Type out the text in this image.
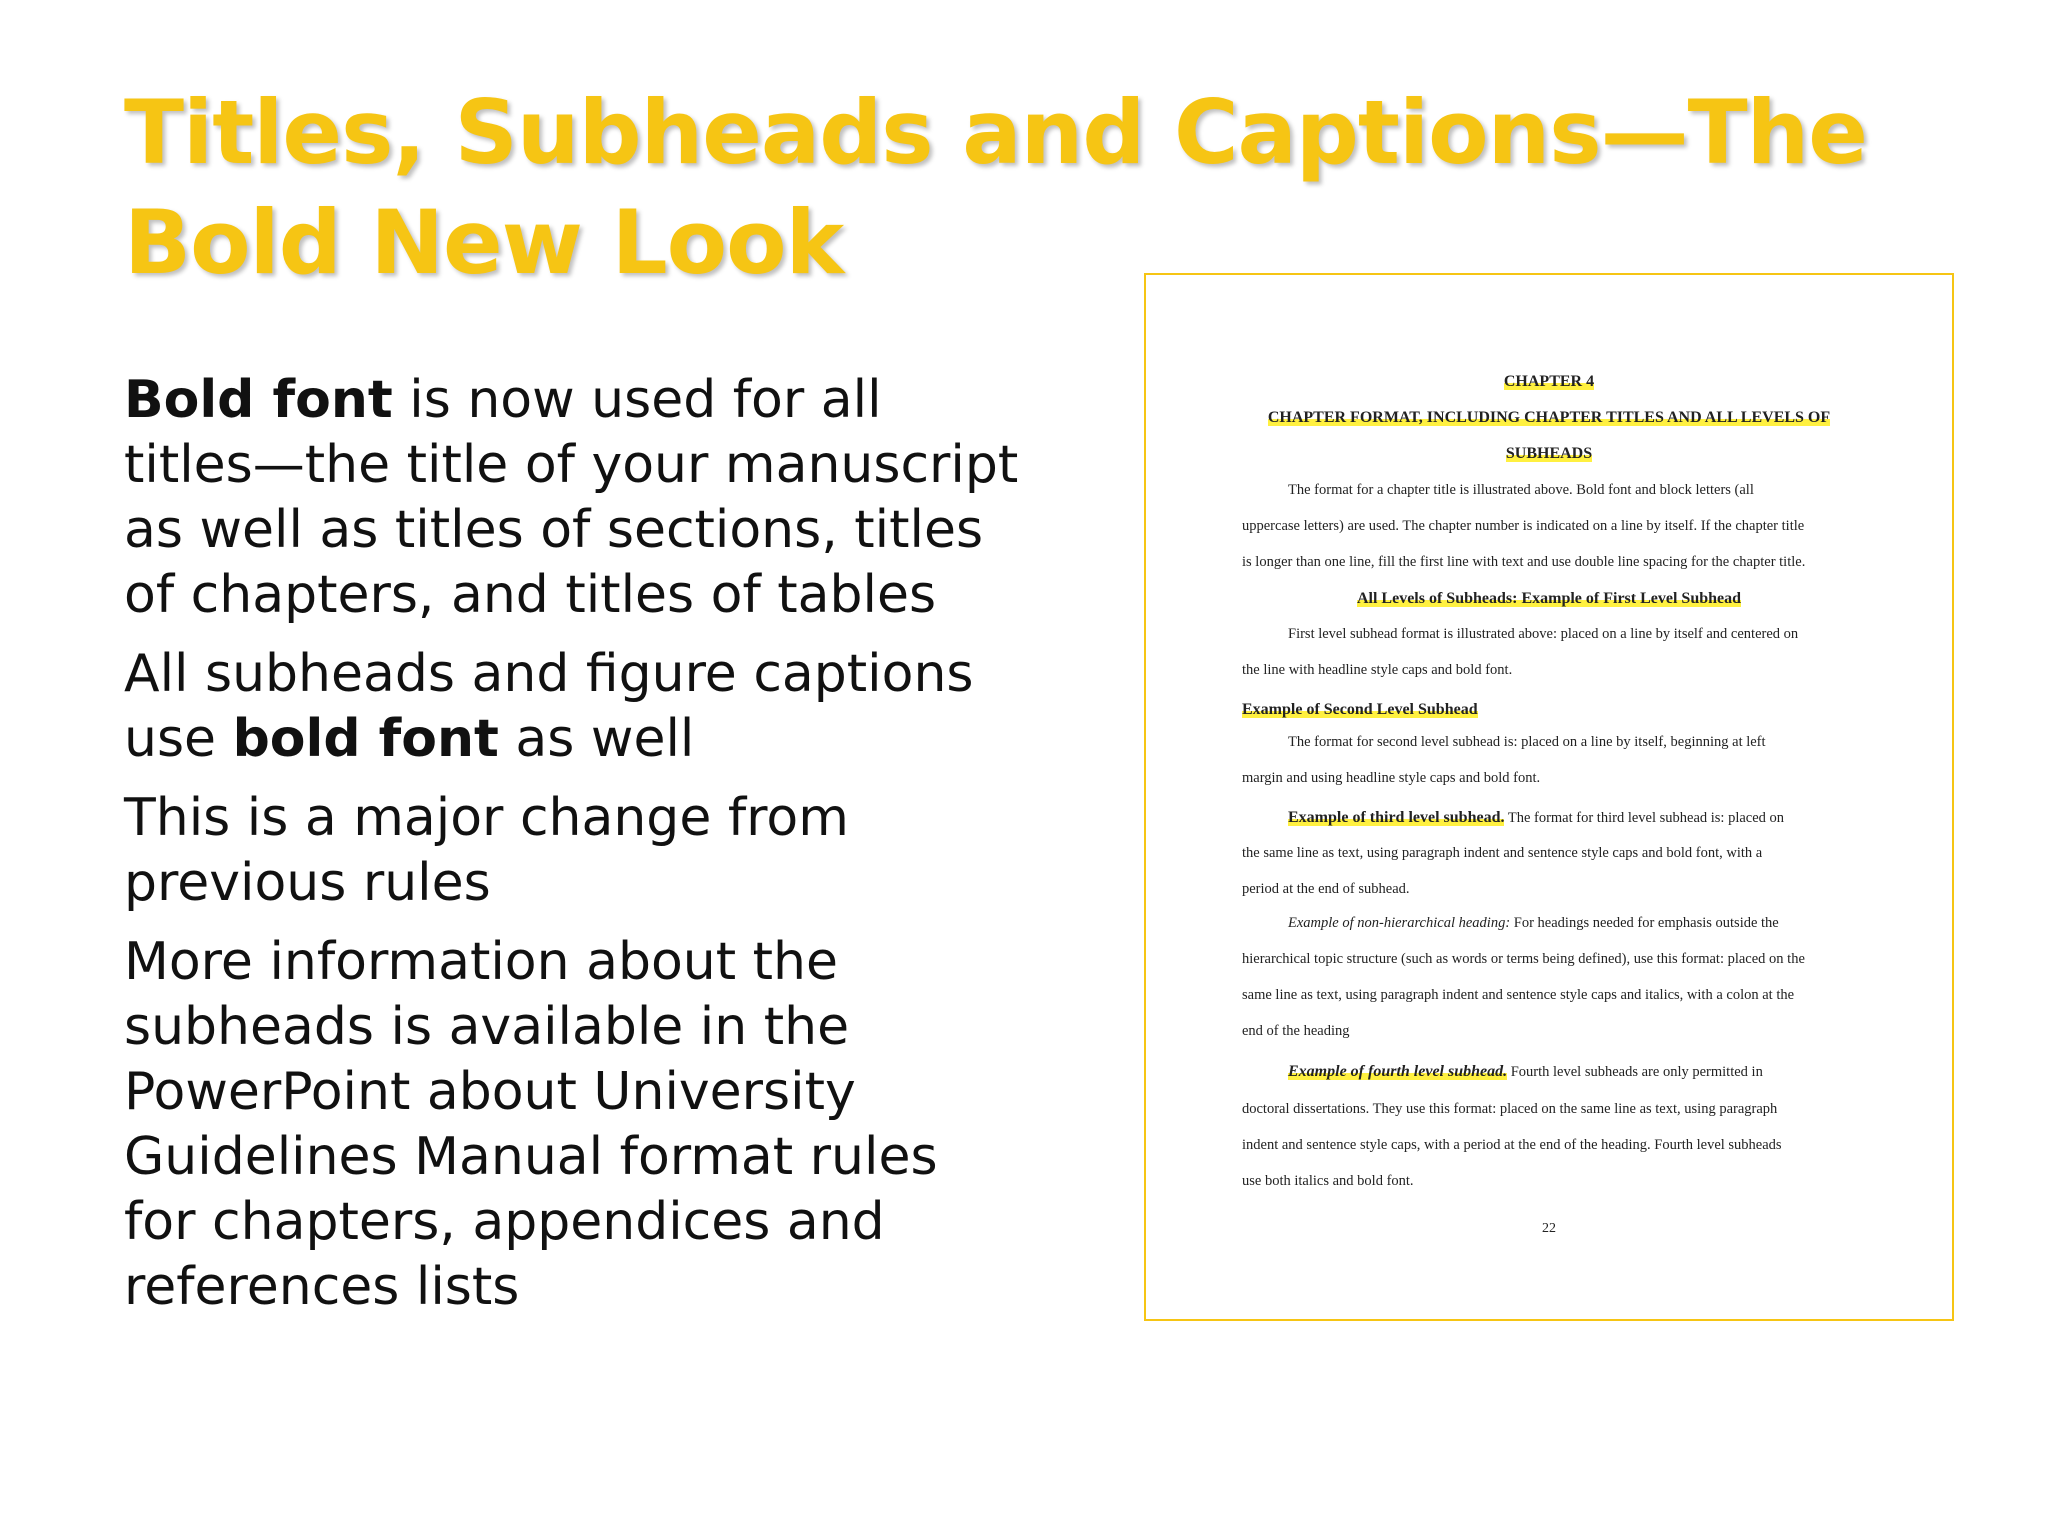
Titles, Subheads and Captions—The
Bold New Look
Bold font is now used for all titles—the title of your manuscript as well as titles of sections, titles of chapters, and titles of tables
All subheads and figure captions use bold font as well
This is a major change from previous rules
More information about the subheads is available in the PowerPoint about University Guidelines Manual format rules for chapters, appendices and references lists
CHAPTER 4
CHAPTER FORMAT, INCLUDING CHAPTER TITLES AND ALL LEVELS OF
SUBHEADS
The format for a chapter title is illustrated above. Bold font and block letters (all
uppercase letters) are used. The chapter number is indicated on a line by itself. If the chapter title
is longer than one line, fill the first line with text and use double line spacing for the chapter title.
All Levels of Subheads: Example of First Level Subhead
First level subhead format is illustrated above: placed on a line by itself and centered on
the line with headline style caps and bold font.
Example of Second Level Subhead
The format for second level subhead is: placed on a line by itself, beginning at left
margin and using headline style caps and bold font.
Example of third level subhead. The format for third level subhead is: placed on
the same line as text, using paragraph indent and sentence style caps and bold font, with a
period at the end of subhead.
Example of non-hierarchical heading: For headings needed for emphasis outside the
hierarchical topic structure (such as words or terms being defined), use this format: placed on the
same line as text, using paragraph indent and sentence style caps and italics, with a colon at the
end of the heading
Example of fourth level subhead. Fourth level subheads are only permitted in
doctoral dissertations. They use this format: placed on the same line as text, using paragraph
indent and sentence style caps, with a period at the end of the heading. Fourth level subheads
use both italics and bold font.
22
